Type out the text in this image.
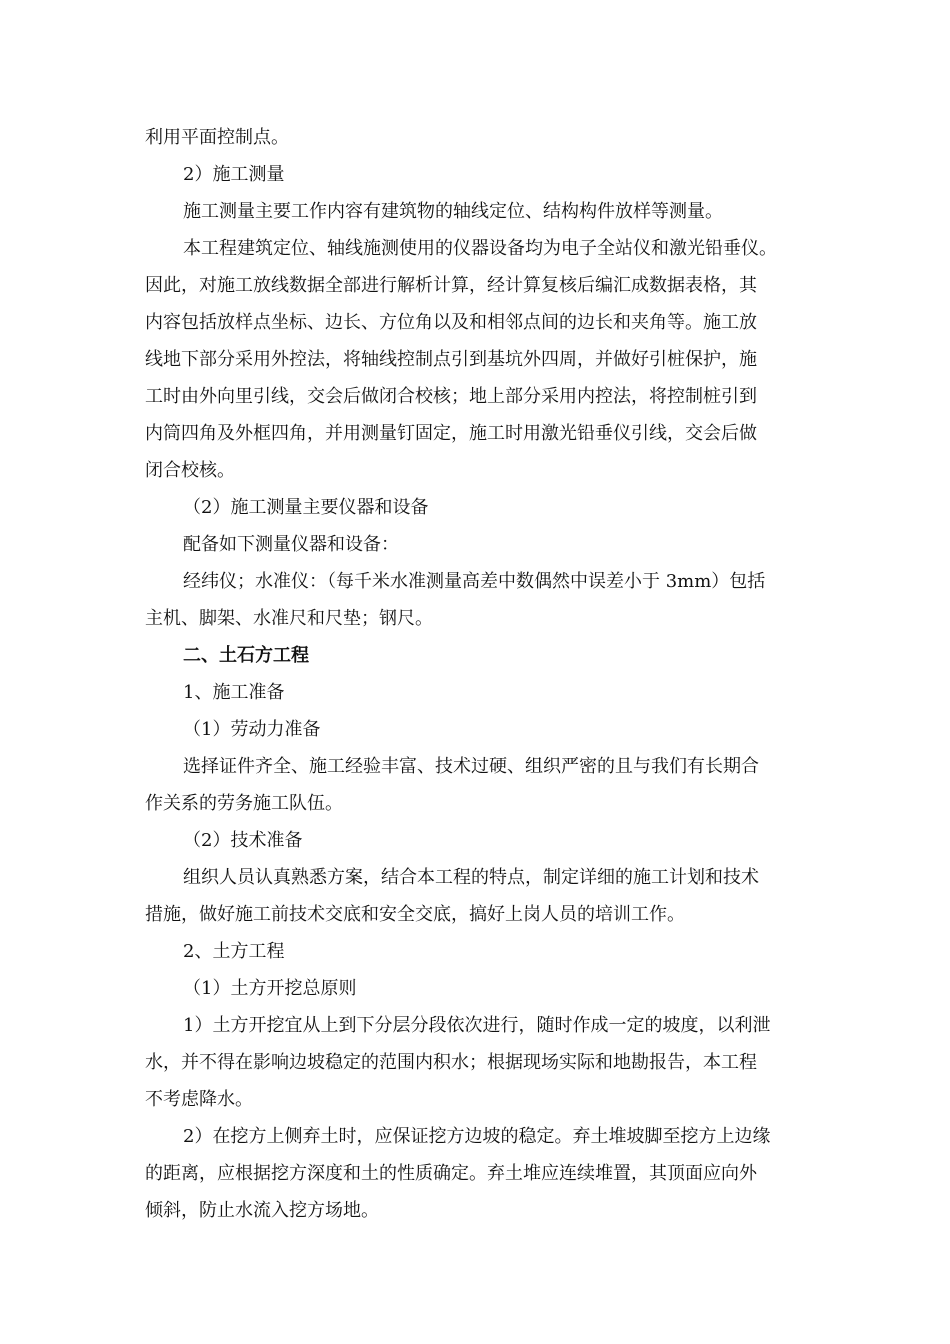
利用平面控制点。

2）施工测量

施工测量主要工作内容有建筑物的轴线定位、结构构件放样等测量。

本工程建筑定位、轴线施测使用的仪器设备均为电子全站仪和激光铅垂仪。
因此，对施工放线数据全部进行解析计算，经计算复核后编汇成数据表格，其
内容包括放样点坐标、边长、方位角以及和相邻点间的边长和夹角等。施工放
线地下部分采用外控法，将轴线控制点引到基坑外四周，并做好引桩保护，施
工时由外向里引线，交会后做闭合校核；地上部分采用内控法，将控制桩引到
内筒四角及外框四角，并用测量钉固定，施工时用激光铅垂仪引线，交会后做
闭合校核。

（2）施工测量主要仪器和设备

配备如下测量仪器和设备：

经纬仪；水准仪：（每千米水准测量高差中数偶然中误差小于 3mm）包括
主机、脚架、水准尺和尺垫；钢尺。

二、土石方工程

1、施工准备

（1）劳动力准备

选择证件齐全、施工经验丰富、技术过硬、组织严密的且与我们有长期合
作关系的劳务施工队伍。

（2）技术准备

组织人员认真熟悉方案，结合本工程的特点，制定详细的施工计划和技术
措施，做好施工前技术交底和安全交底，搞好上岗人员的培训工作。

2、土方工程

（1）土方开挖总原则

1）土方开挖宜从上到下分层分段依次进行，随时作成一定的坡度，以利泄
水，并不得在影响边坡稳定的范围内积水；根据现场实际和地勘报告，本工程
不考虑降水。

2）在挖方上侧弃土时，应保证挖方边坡的稳定。弃土堆坡脚至挖方上边缘
的距离，应根据挖方深度和土的性质确定。弃土堆应连续堆置，其顶面应向外
倾斜，防止水流入挖方场地。
